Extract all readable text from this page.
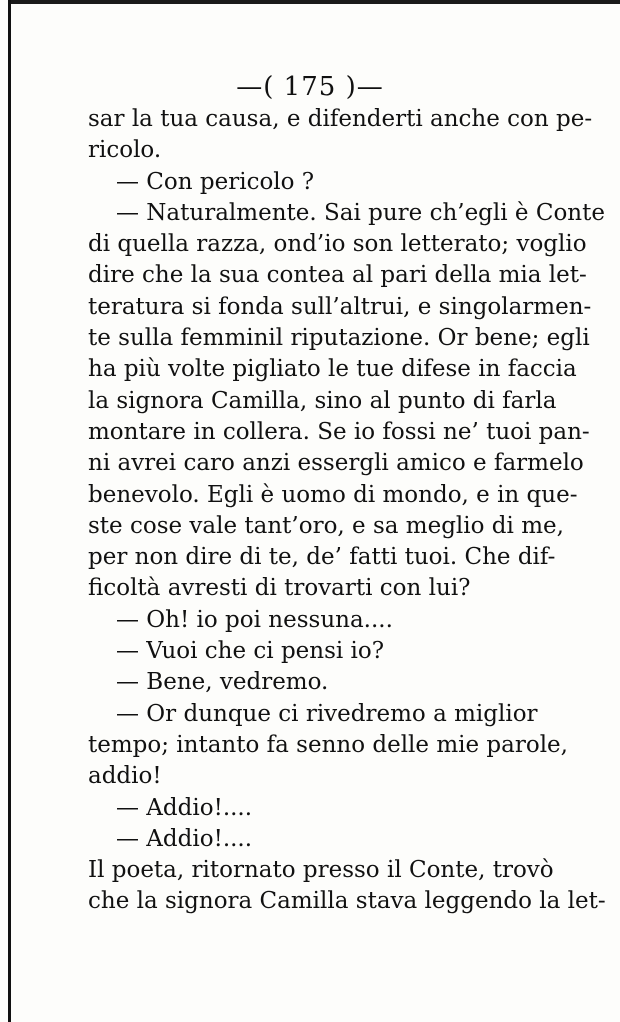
—( 175 )—
sar la tua causa, e difenderti anche con pe-
ricolo.
— Con pericolo ?
— Naturalmente. Sai pure ch’egli è Conte
di quella razza, ond’io son letterato; voglio
dire che la sua contea al pari della mia let-
teratura si fonda sull’altrui, e singolarmen-
te sulla femminil riputazione. Or bene; egli
ha più volte pigliato le tue difese in faccia
la signora Camilla, sino al punto di farla
montare in collera. Se io fossi ne’ tuoi pan-
ni avrei caro anzi essergli amico e farmelo
benevolo. Egli è uomo di mondo, e in que-
ste cose vale tant’oro, e sa meglio di me,
per non dire di te, de’ fatti tuoi. Che dif-
ficoltà avresti di trovarti con lui?
— Oh! io poi nessuna....
— Vuoi che ci pensi io?
— Bene, vedremo.
— Or dunque ci rivedremo a miglior
tempo; intanto fa senno delle mie parole,
addio!
— Addio!....
— Addio!....
Il poeta, ritornato presso il Conte, trovò
che la signora Camilla stava leggendo la let-
